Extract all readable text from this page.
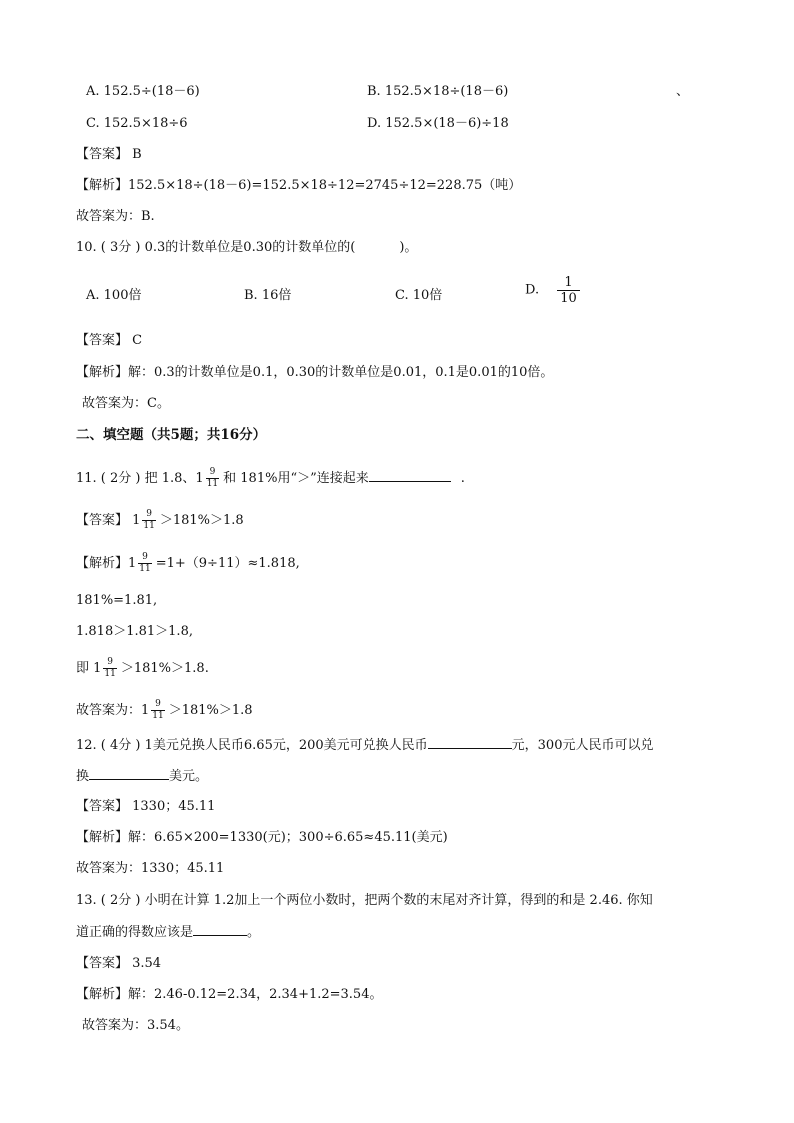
A. 152.5÷(18－6)	B. 152.5×18÷(18－6)	、
C. 152.5×18÷6	D. 152.5×(18－6)÷18
【答案】 B
【解析】152.5×18÷(18－6)=152.5×18÷12=2745÷12=228.75（吨）
故答案为：B.
10. ( 3分 ) 0.3的计数单位是0.30的计数单位的(	)。
A. 100倍	B. 16倍	C. 10倍	D. $\frac{1}{10}$
【答案】 C
【解析】解：0.3的计数单位是0.1，0.30的计数单位是0.01，0.1是0.01的10倍。
故答案为：C。
二、填空题（共5题；共16分）
11. ( 2分 ) 把 1.8、$1 \frac{9}{11}$ 和 181%用“＞”连接起来	.
【答案】 $1 \frac{9}{11} >181\%>1.8$
【解析】$1 \frac{9}{11} =1+(9\div 11)\approx 1.818$,
181%=1.81,
1.818＞1.81＞1.8,
即 $1 \frac{9}{11} >181\%>1.8$.
故答案为：$1 \frac{9}{11} >181\%>1.8$
12. ( 4分 ) 1美元兑换人民币6.65元，200美元可兑换人民币	元，300元人民币可以兑
换	美元。
【答案】 1330；45.11
【解析】解：6.65×200=1330(元)；300÷6.65≈45.11(美元)
故答案为：1330；45.11
13. ( 2分 ) 小明在计算 1.2加上一个两位小数时，把两个数的末尾对齐计算，得到的和是 2.46. 你知
道正确的得数应该是	。
【答案】 3.54
【解析】解：2.46-0.12=2.34，2.34+1.2=3.54。
故答案为：3.54。
